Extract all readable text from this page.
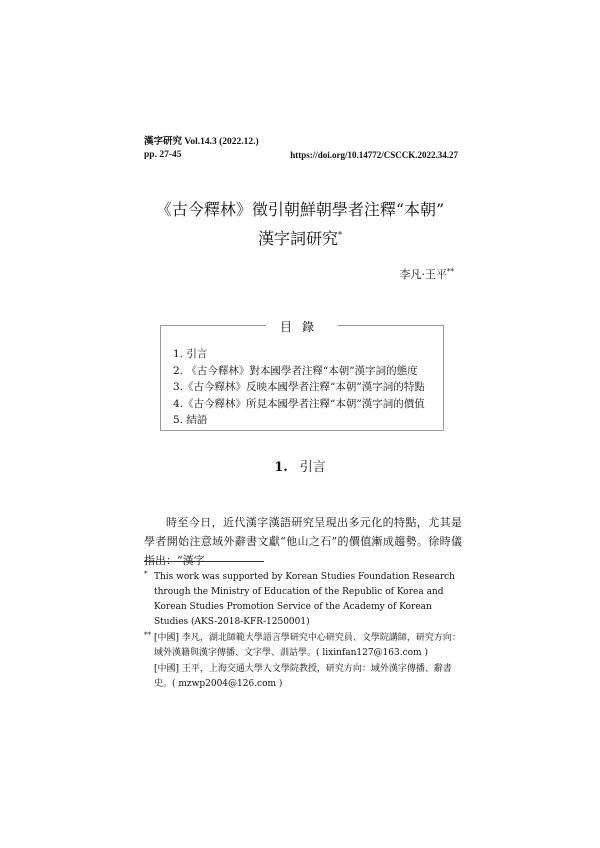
漢字研究 Vol.14.3 (2022.12.)
pp. 27-45	https://doi.org/10.14772/CSCCK.2022.34.27
《古今釋林》徵引朝鮮朝學者注釋“本朝”
漢字詞研究*
李凡·王平**
目錄
1. 引言
2. 《古今釋林》對本國學者注釋“本朝”漢字詞的態度
3.《古今釋林》反映本國學者注釋“本朝”漢字詞的特點
4.《古今釋林》所見本國學者注釋“本朝”漢字詞的價值
5. 結語
1. 引言

時至今日，近代漢字漢語研究呈現出多元化的特點，尤其是學者開始注意域外辭書文獻“他山之石”的價值漸成趨勢。徐時儀指出：“漢字

* This work was supported by Korean Studies Foundation Research through the Ministry of Education of the Republic of Korea and Korean Studies Promotion Service of the Academy of Korean Studies (AKS-2018-KFR-1250001)
** [中國] 李凡，湖北師範大學語言學研究中心研究員、文學院講師，研究方向：域外漢籍與漢字傳播、文字學、訓詁學。( lixinfan127@163.com )
[中國] 王平，上海交通大學人文學院教授，研究方向：域外漢字傳播、辭書史。( mzwp2004@126.com )
